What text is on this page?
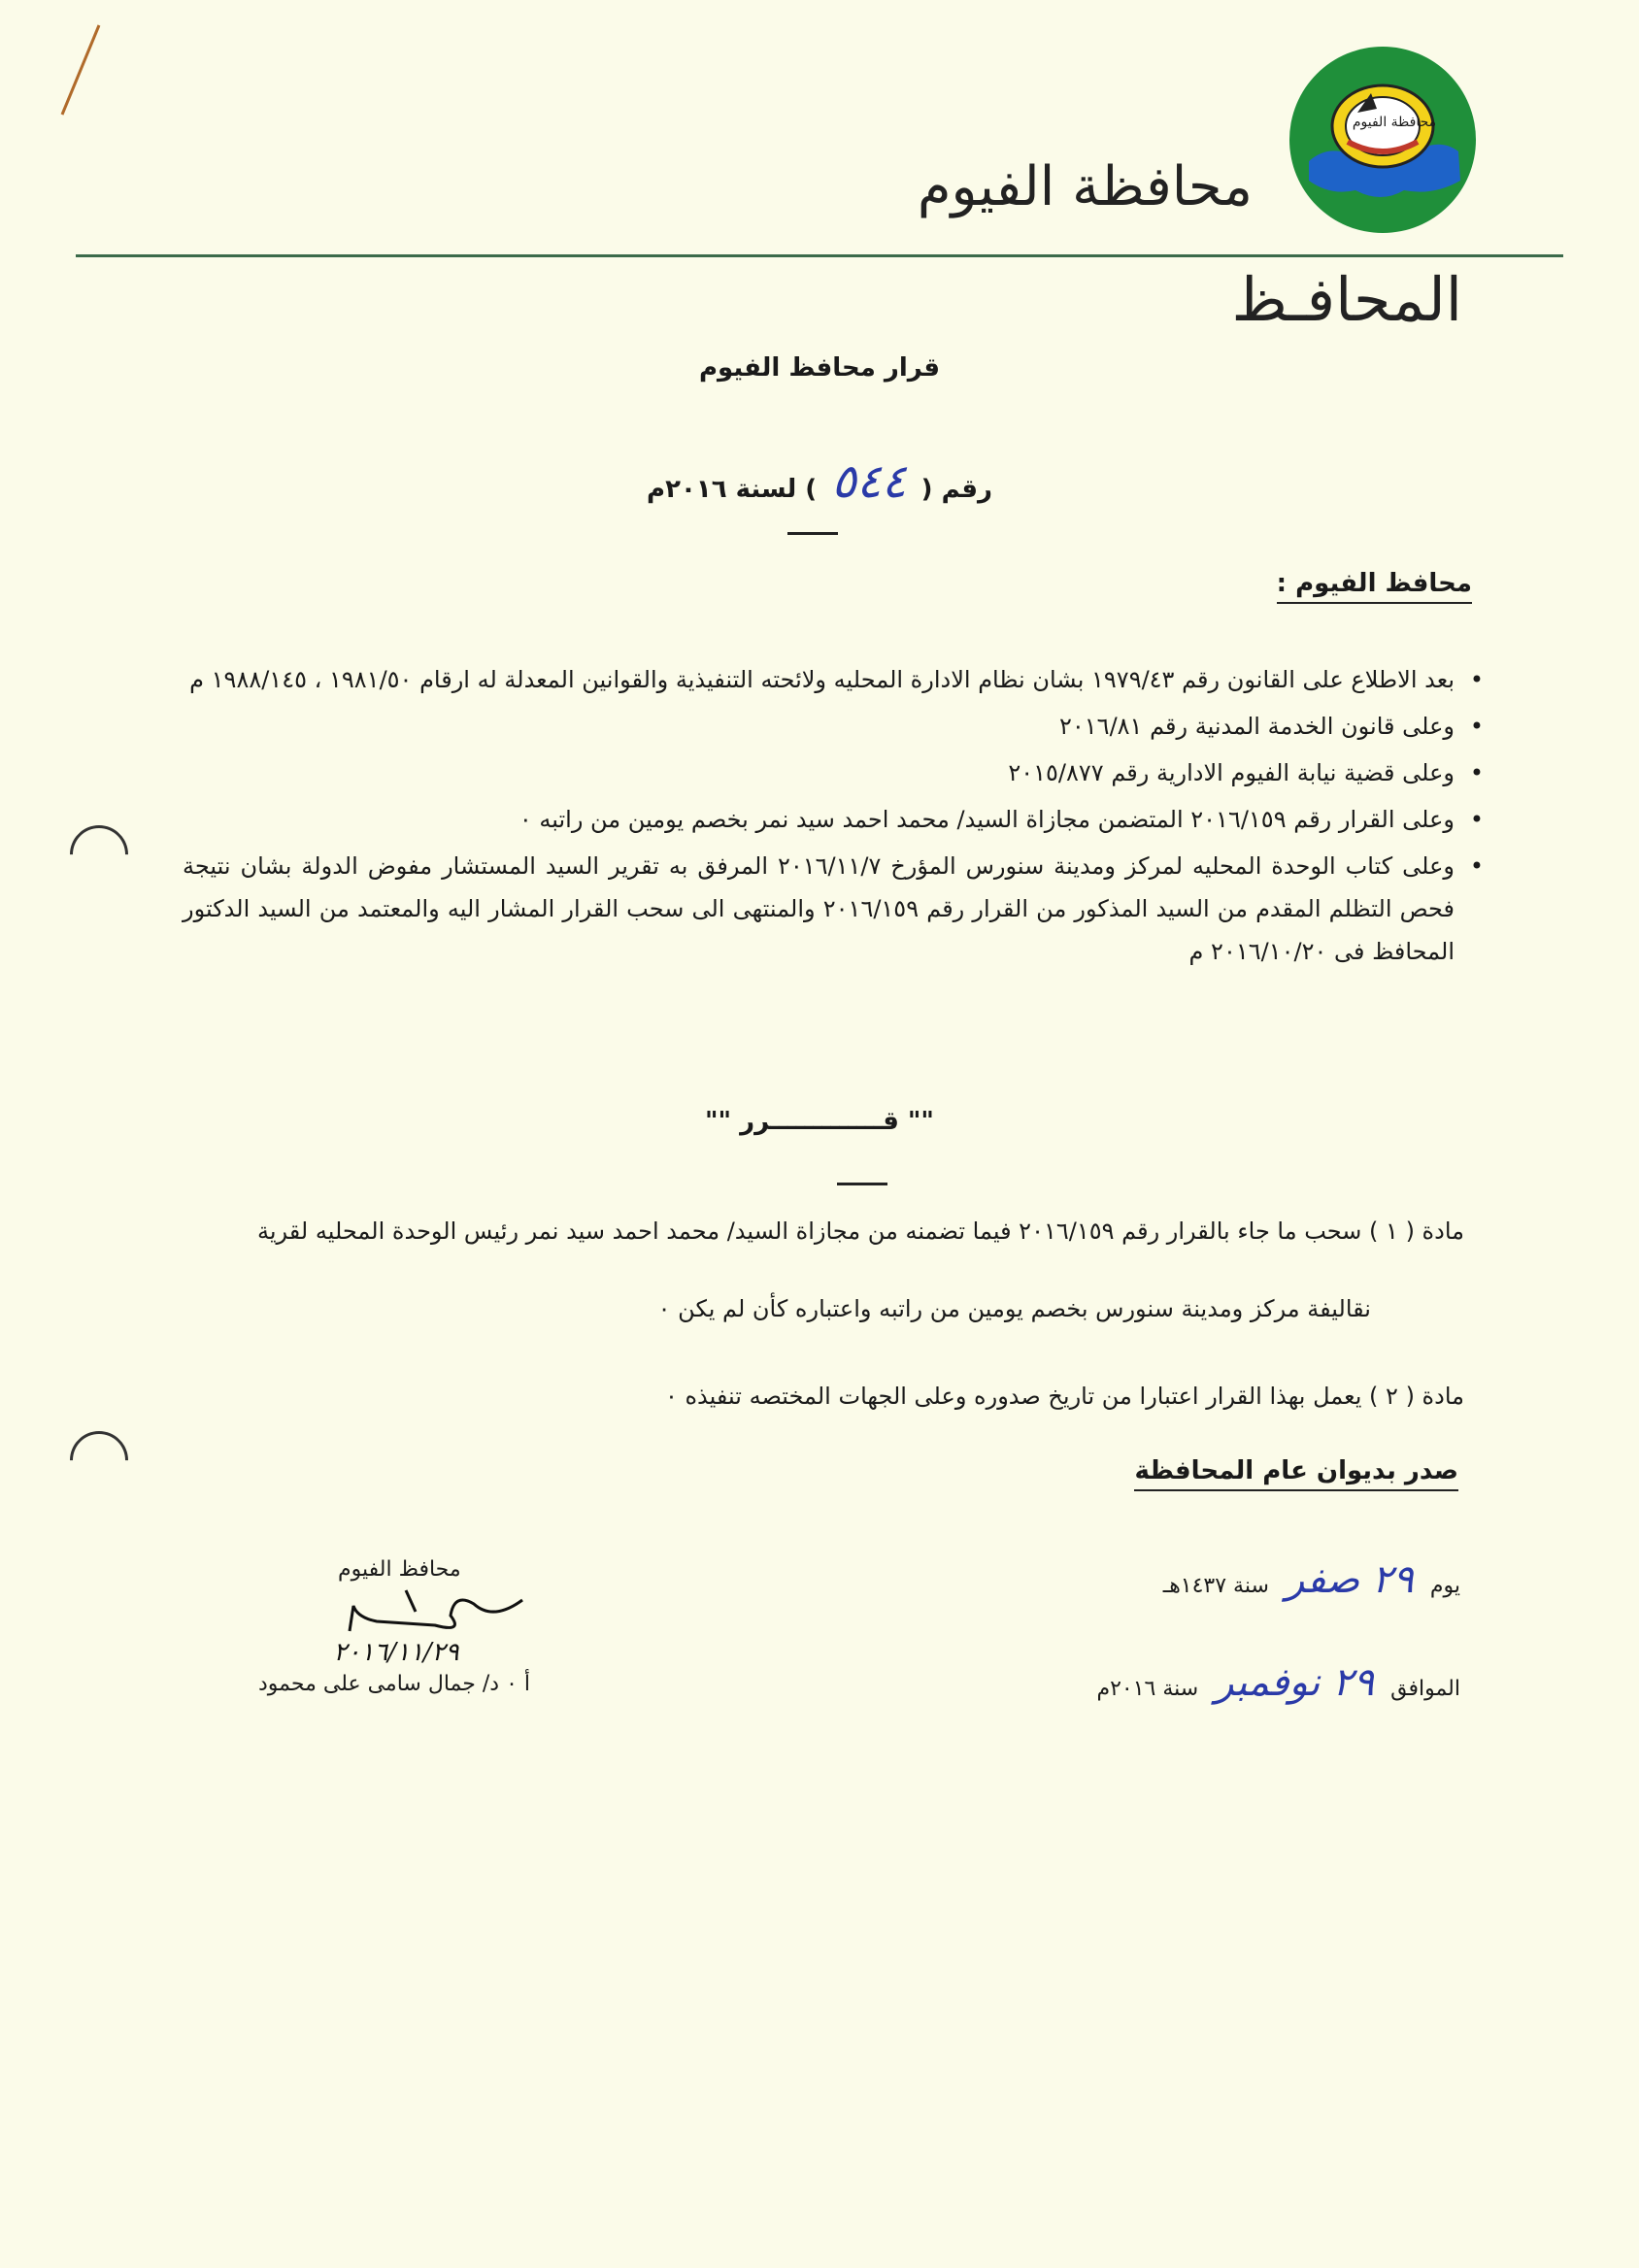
محافظة الفيوم
محافظة الفيوم
المحافـظ
قرار محافظ الفيوم
رقم ( ٥٤٤ ) لسنة ٢٠١٦م
محافظ الفيوم :
• بعد الاطلاع على القانون رقم ١٩٧٩/٤٣ بشان نظام الادارة المحليه ولائحته التنفيذية والقوانين المعدلة له ارقام ١٩٨١/٥٠ ، ١٩٨٨/١٤٥ م
• وعلى قانون الخدمة المدنية رقم ٢٠١٦/٨١
• وعلى قضية نيابة الفيوم الادارية رقم ٢٠١٥/٨٧٧
• وعلى القرار رقم ٢٠١٦/١٥٩ المتضمن مجازاة السيد/ محمد احمد سيد نمر بخصم يومين من راتبه ٠
• وعلى كتاب الوحدة المحليه لمركز ومدينة سنورس المؤرخ ٢٠١٦/١١/٧ المرفق به تقرير السيد المستشار مفوض الدولة بشان نتيجة فحص التظلم المقدم من السيد المذكور من القرار رقم ٢٠١٦/١٥٩ والمنتهى الى سحب القرار المشار اليه والمعتمد من السيد الدكتور المحافظ فى ٢٠١٦/١٠/٢٠ م
"" قـــــــــــــرر ""
مادة ( ١ ) سحب ما جاء بالقرار رقم ٢٠١٦/١٥٩ فيما تضمنه من مجازاة السيد/ محمد احمد سيد نمر رئيس الوحدة المحليه لقرية
نقاليفة مركز ومدينة سنورس بخصم يومين من راتبه واعتباره كأن لم يكن ٠
مادة ( ٢ ) يعمل بهذا القرار اعتبارا من تاريخ صدوره وعلى الجهات المختصه تنفيذه ٠
صدر بديوان عام المحافظة
يوم ٢٩ صفر سنة ١٤٣٧هـ
الموافق ٢٩ نوفمبر سنة ٢٠١٦م
محافظ الفيوم
٢٠١٦/١١/٢٩
أ ٠ د/ جمال سامى على محمود
